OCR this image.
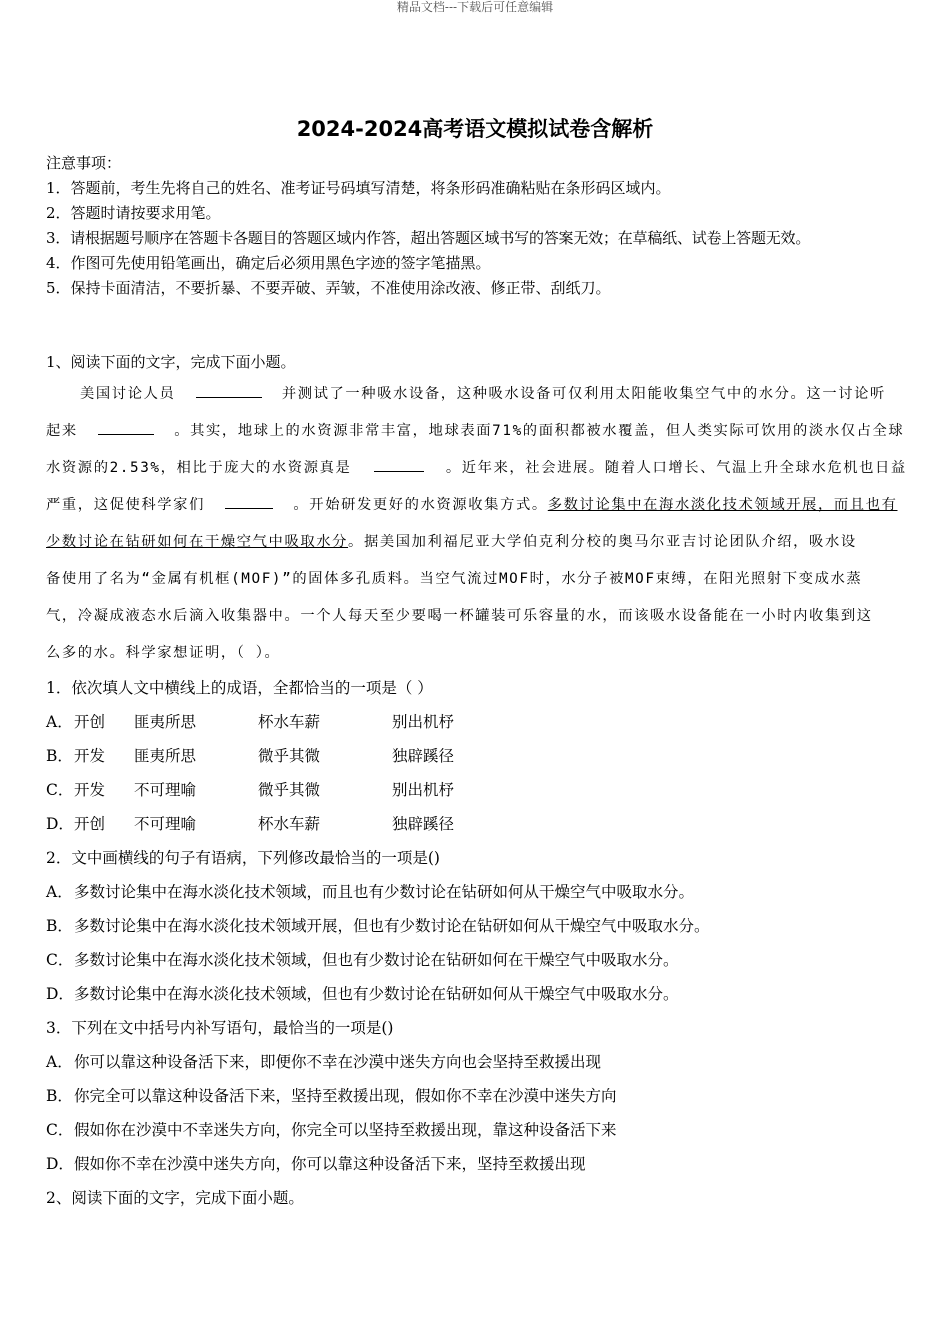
精品文档---下载后可任意编辑
2024-2024高考语文模拟试卷含解析
注意事项：
1．答题前，考生先将自己的姓名、准考证号码填写清楚，将条形码准确粘贴在条形码区域内。
2．答题时请按要求用笔。
3．请根据题号顺序在答题卡各题目的答题区域内作答，超出答题区域书写的答案无效；在草稿纸、试卷上答题无效。
4．作图可先使用铅笔画出，确定后必须用黑色字迹的签字笔描黑。
5．保持卡面清洁，不要折暴、不要弄破、弄皱，不准使用涂改液、修正带、刮纸刀。
1、阅读下面的文字，完成下面小题。
美国讨论人员	并测试了一种吸水设备，这种吸水设备可仅利用太阳能收集空气中的水分。这一讨论听
起来	。其实，地球上的水资源非常丰富，地球表面71%的面积都被水覆盖，但人类实际可饮用的淡水仅占全球
水资源的2.53%，相比于庞大的水资源真是	。近年来，社会进展。随着人口增长、气温上升全球水危机也日益
严重，这促使科学家们	。开始研发更好的水资源收集方式。多数讨论集中在海水淡化技术领域开展，而且也有
少数讨论在钻研如何在干燥空气中吸取水分。据美国加利福尼亚大学伯克利分校的奥马尔亚吉讨论团队介绍，吸水设
备使用了名为“金属有机框(MOF)”的固体多孔质料。当空气流过MOF时，水分子被MOF束缚，在阳光照射下变成水蒸
气，冷凝成液态水后滴入收集器中。一个人每天至少要喝一杯罐装可乐容量的水，而该吸水设备能在一小时内收集到这
么多的水。科学家想证明，（ ）。
1．依次填人文中横线上的成语，全都恰当的一项是（ ）
A． 开创 匪夷所思	杯水车薪	别出机杼
B． 开发 匪夷所思	微乎其微	独辟蹊径
C． 开发 不可理喻	微乎其微	别出机杼
D． 开创 不可理喻	杯水车薪	独辟蹊径
2．文中画横线的句子有语病，下列修改最恰当的一项是()
A． 多数讨论集中在海水淡化技术领域，而且也有少数讨论在钻研如何从干燥空气中吸取水分。
B． 多数讨论集中在海水淡化技术领域开展，但也有少数讨论在钻研如何从干燥空气中吸取水分。
C． 多数讨论集中在海水淡化技术领域，但也有少数讨论在钻研如何在干燥空气中吸取水分。
D． 多数讨论集中在海水淡化技术领域，但也有少数讨论在钻研如何从干燥空气中吸取水分。
3．下列在文中括号内补写语句，最恰当的一项是()
A． 你可以靠这种设备活下来，即便你不幸在沙漠中迷失方向也会坚持至救援出现
B． 你完全可以靠这种设备活下来，坚持至救援出现，假如你不幸在沙漠中迷失方向
C． 假如你在沙漠中不幸迷失方向，你完全可以坚持至救援出现，靠这种设备活下来
D． 假如你不幸在沙漠中迷失方向，你可以靠这种设备活下来，坚持至救援出现
2、阅读下面的文字，完成下面小题。
